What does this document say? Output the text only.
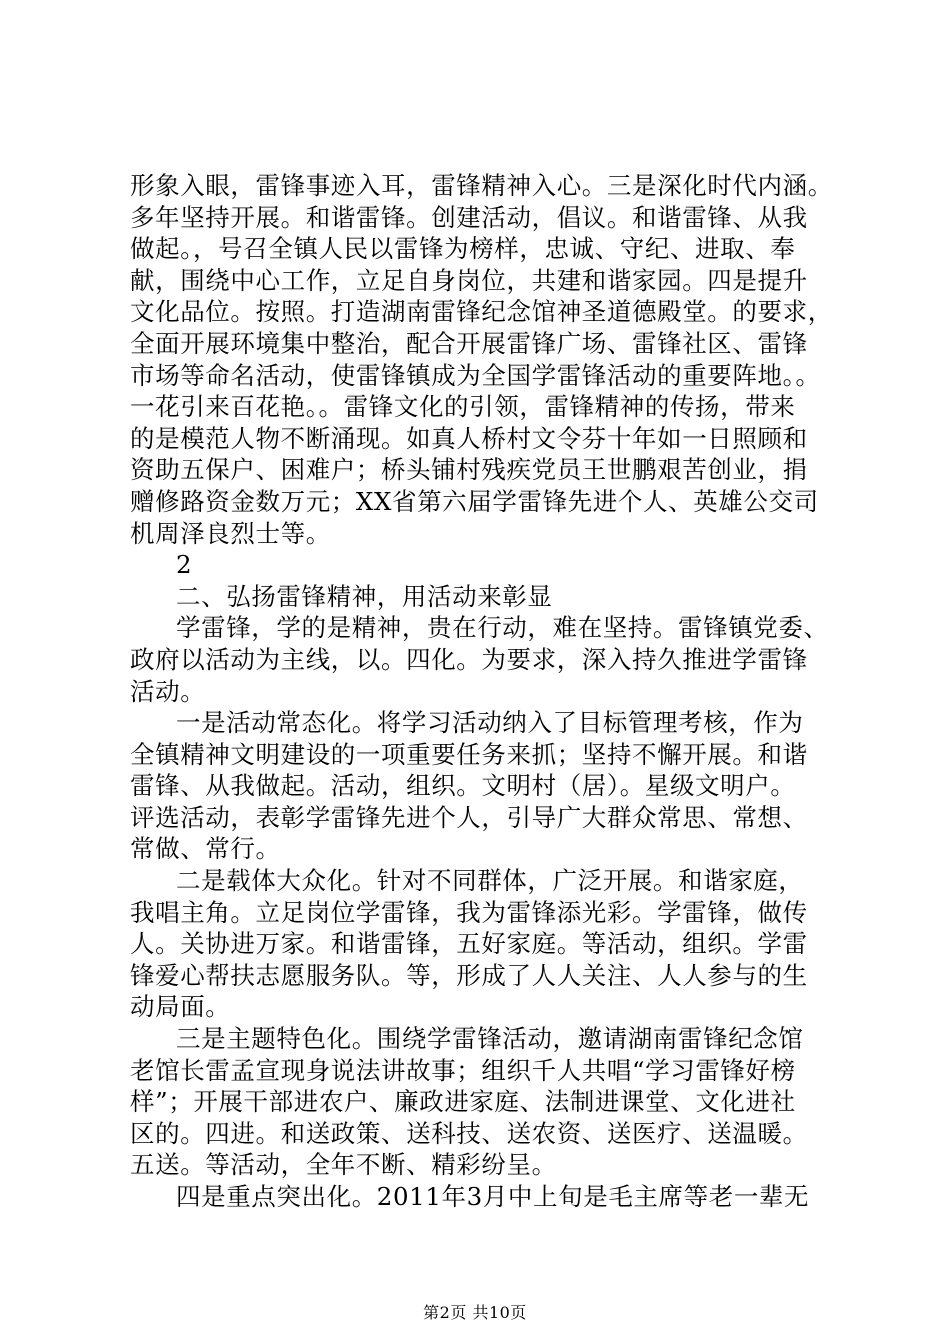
形象入眼，雷锋事迹入耳，雷锋精神入心。三是深化时代内涵。
多年坚持开展。和谐雷锋。创建活动，倡议。和谐雷锋、从我
做起。，号召全镇人民以雷锋为榜样，忠诚、守纪、进取、奉
献，围绕中心工作，立足自身岗位，共建和谐家园。四是提升
文化品位。按照。打造湖南雷锋纪念馆神圣道德殿堂。的要求，
全面开展环境集中整治，配合开展雷锋广场、雷锋社区、雷锋
市场等命名活动，使雷锋镇成为全国学雷锋活动的重要阵地。。
一花引来百花艳。。雷锋文化的引领，雷锋精神的传扬，带来
的是模范人物不断涌现。如真人桥村文令芬十年如一日照顾和
资助五保户、困难户；桥头铺村残疾党员王世鹏艰苦创业，捐
赠修路资金数万元；XX省第六届学雷锋先进个人、英雄公交司
机周泽良烈士等。
2
二、弘扬雷锋精神，用活动来彰显
学雷锋，学的是精神，贵在行动，难在坚持。雷锋镇党委、
政府以活动为主线，以。四化。为要求，深入持久推进学雷锋
活动。
一是活动常态化。将学习活动纳入了目标管理考核，作为
全镇精神文明建设的一项重要任务来抓；坚持不懈开展。和谐
雷锋、从我做起。活动，组织。文明村（居）。星级文明户。
评选活动，表彰学雷锋先进个人，引导广大群众常思、常想、
常做、常行。
二是载体大众化。针对不同群体，广泛开展。和谐家庭，
我唱主角。立足岗位学雷锋，我为雷锋添光彩。学雷锋，做传
人。关协进万家。和谐雷锋，五好家庭。等活动，组织。学雷
锋爱心帮扶志愿服务队。等，形成了人人关注、人人参与的生
动局面。
三是主题特色化。围绕学雷锋活动，邀请湖南雷锋纪念馆
老馆长雷孟宣现身说法讲故事；组织千人共唱“学习雷锋好榜
样”；开展干部进农户、廉政进家庭、法制进课堂、文化进社
区的。四进。和送政策、送科技、送农资、送医疗、送温暖。
五送。等活动，全年不断、精彩纷呈。
四是重点突出化。2011年3月中上旬是毛主席等老一辈无
第2页 共10页
